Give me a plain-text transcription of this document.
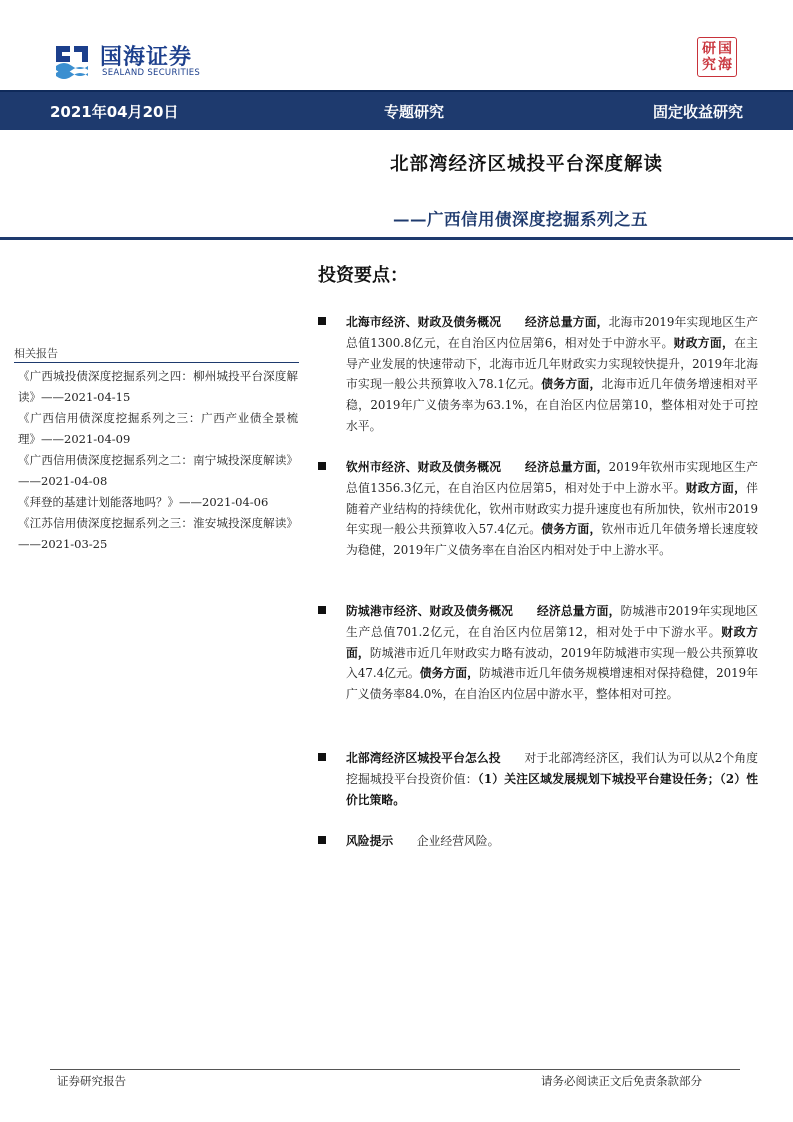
国海证券
SEALAND SECURITIES
研 国
究 海
2021年04月20日	专题研究	固定收益研究
北部湾经济区城投平台深度解读
——广西信用债深度挖掘系列之五
投资要点：
相关报告
《广西城投债深度挖掘系列之四：柳州城投平台深度解读》——2021-04-15
《广西信用债深度挖掘系列之三：广西产业债全景梳理》——2021-04-09
《广西信用债深度挖掘系列之二：南宁城投深度解读》——2021-04-08
《拜登的基建计划能落地吗？》——2021-04-06
《江苏信用债深度挖掘系列之三：淮安城投深度解读》——2021-03-25
北海市经济、财政及债务概况　　 经济总量方面，北海市2019年实现地区生产总值1300.8亿元，在自治区内位居第6，相对处于中游水平。财政方面，在主导产业发展的快速带动下，北海市近几年财政实力实现较快提升，2019年北海市实现一般公共预算收入78.1亿元。债务方面，北海市近几年债务增速相对平稳，2019年广义债务率为63.1%，在自治区内位居第10，整体相对处于可控水平。
钦州市经济、财政及债务概况　　 经济总量方面，2019年钦州市实现地区生产总值1356.3亿元，在自治区内位居第5，相对处于中上游水平。财政方面，伴随着产业结构的持续优化，钦州市财政实力提升速度也有所加快，钦州市2019年实现一般公共预算收入57.4亿元。债务方面，钦州市近几年债务增长速度较为稳健，2019年广义债务率在自治区内相对处于中上游水平。
防城港市经济、财政及债务概况　　 经济总量方面，防城港市2019年实现地区生产总值701.2亿元，在自治区内位居第12，相对处于中下游水平。财政方面，防城港市近几年财政实力略有波动，2019年防城港市实现一般公共预算收入47.4亿元。债务方面，防城港市近几年债务规模增速相对保持稳健，2019年广义债务率84.0%，在自治区内位居中游水平，整体相对可控。
北部湾经济区城投平台怎么投　　对于北部湾经济区，我们认为可以从2个角度挖掘城投平台投资价值：（1）关注区域发展规划下城投平台建设任务；（2）性价比策略。
风险提示　　企业经营风险。
证券研究报告	请务必阅读正文后免责条款部分
